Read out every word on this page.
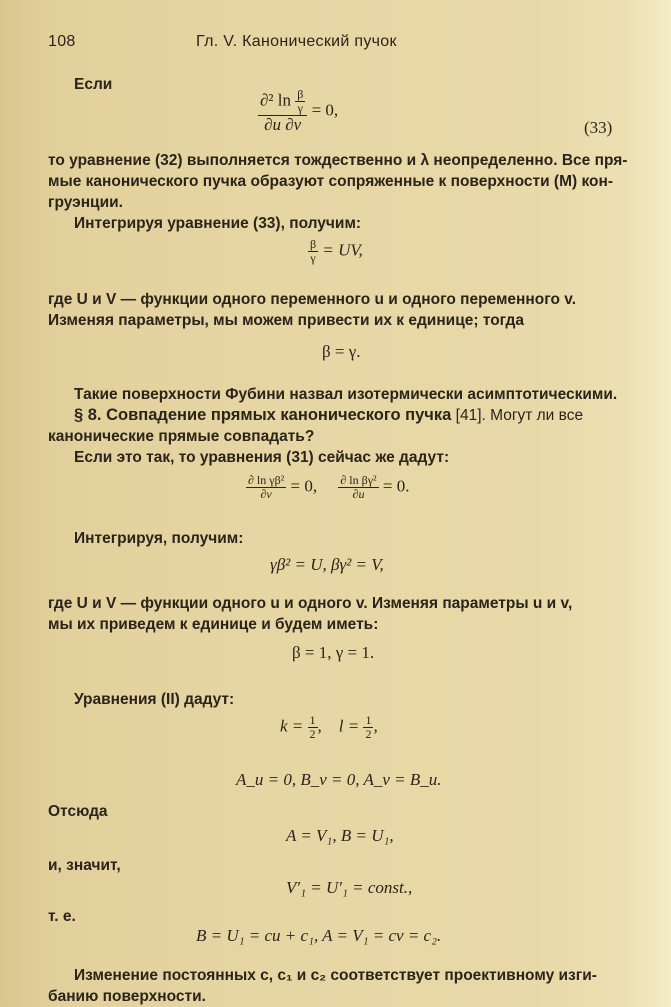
108	Гл. V. Канонический пучок
Если
$\frac{\partial^2 \ln \frac{\beta}{\gamma}}{\partial u \partial v} = 0$,
(33)
то уравнение (32) выполняется тождественно и λ неопределенно. Все пря-
мые канонического пучка образуют сопряженные к поверхности (M) кон-
груэнции.
Интегрируя уравнение (33), получим:
$\frac{\beta}{\gamma}$ = UV,
где U и V — функции одного переменного u и одного переменного v.
Изменяя параметры, мы можем привести их к единице; тогда
β = γ.
Такие поверхности Фубини назвал изотермически асимптотическими.
§ 8. Совпадение прямых канонического пучка [41]. Могут ли все
канонические прямые совпадать?
Если это так, то уравнения (31) сейчас же дадут:
$\frac{\text{∂ ln γβ²}}{\partial v} = 0$, $\frac{\text{∂ ln βγ²}}{\partial u} = 0$.
Интегрируя, получим:
γβ² = U, βγ² = V,
где U и V — функции одного u и одного v. Изменяя параметры u и v,
мы их приведем к единице и будем иметь:
β = 1, γ = 1.
Уравнения (II) дадут:
$k = \frac{1}{2}$ ,    $l = \frac{1}{2}$ ,
A_u = 0, B_v = 0, A_v = B_u.
Отсюда
A = V₁, B = U₁,
и, значит,
V′₁ = U′₁ = const.,
т. е.
B = U₁ = cu + c₁, A = V₁ = cv = c₂.
Изменение постоянных c, c₁ и c₂ соответствует проективному изги-
банию поверхности.
